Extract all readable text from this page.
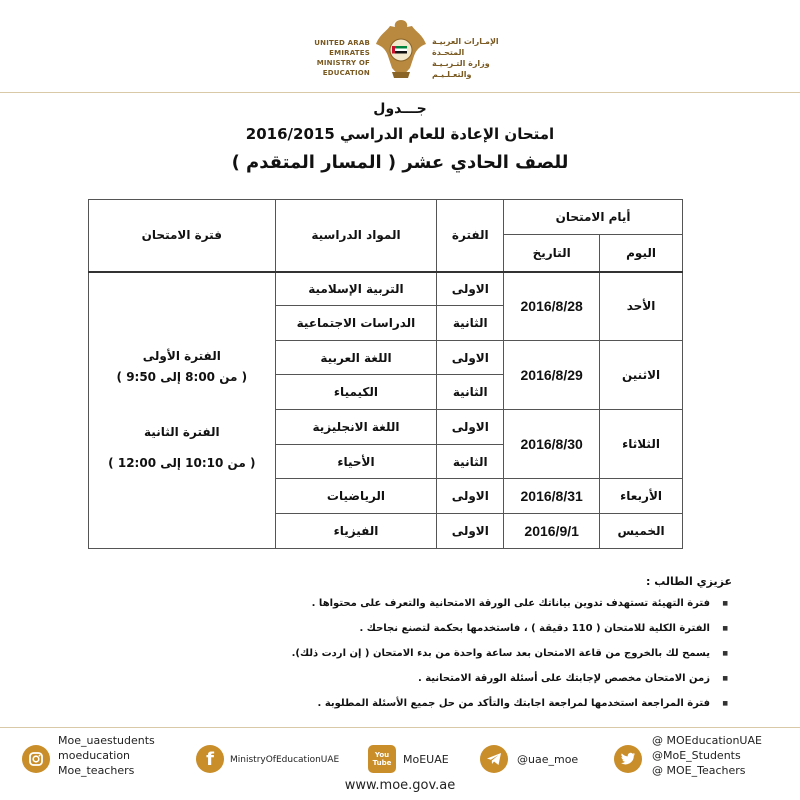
UNITED ARAB EMIRATES
MINISTRY OF EDUCATION
الإمـارات العربيـة المتحـدة
وزارة التـربـيـة والتعـلـيـم
جـــدول
امتحان الإعادة للعام الدراسي 2016/2015
للصف الحادي عشر ( المسار المتقدم )
أيام الامتحان		الفترة	المواد الدراسية	فترة الامتحان
اليوم	التاريخ			
الأحد	2016/8/28	الاولى	التربية الإسلامية	الفترة الأولى
( من 8:00 إلى 9:50 )
الفترة الثانية
( من 10:10 إلى 12:00 )

		الثانية	الدراسات الاجتماعية	
الاثنين	2016/8/29	الاولى	اللغة العربية	
		الثانية	الكيمياء	
الثلاثاء	2016/8/30	الاولى	اللغة الانجليزية	
		الثانية	الأحياء	
الأربعاء	2016/8/31	الاولى	الرياضيات	
الخميس	2016/9/1	الاولى	الفيزياء	
عزيزي الطالب :
■ فترة التهيئة تستهدف تدوين بياناتك على الورقة الامتحانية والتعرف على محتواها .
■ الفترة الكلية للامتحان ( 110 دقيقة ) ، فاستخدمها بحكمة لتصنع نجاحك .
■ يسمح لك بالخروج من قاعة الامتحان بعد ساعة واحدة من بدء الامتحان ( إن اردت ذلك).
■ زمن الامتحان مخصص لإجابتك على أسئلة الورقة الامتحانية .
■ فترة المراجعة استخدمها لمراجعة اجابتك والتأكد من حل جميع الأسئلة المطلوبة .
Moe_uaestudents
moeducation
Moe_teachers
f MinistryOfEducationUAE	You
Tube MoEUAE	@uae_moe
@ MOEducationUAE
@MoE_Students
@ MOE_Teachers
www.moe.gov.ae
